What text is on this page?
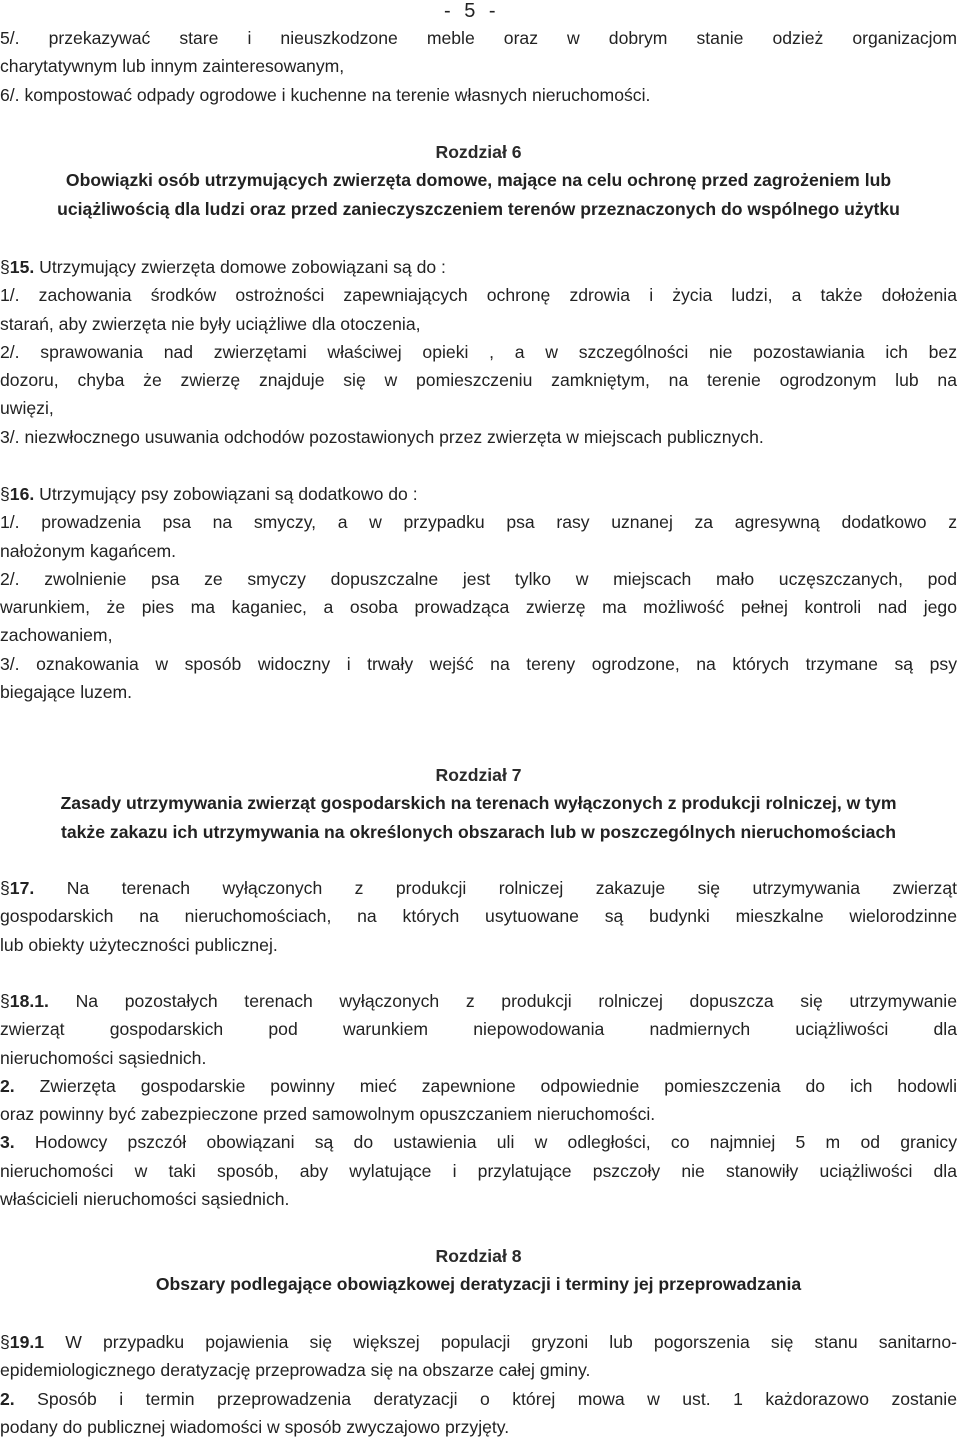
- 5 -
5/. przekazywać stare i nieuszkodzone meble oraz w dobrym stanie odzież organizacjom
charytatywnym lub innym zainteresowanym,
6/. kompostować odpady ogrodowe i kuchenne na terenie własnych nieruchomości.
Rozdział 6
Obowiązki osób utrzymujących zwierzęta domowe, mające na celu ochronę przed zagrożeniem lub
uciążliwością dla ludzi oraz przed zanieczyszczeniem terenów przeznaczonych do wspólnego użytku
§15. Utrzymujący zwierzęta domowe zobowiązani są do :
1/. zachowania środków ostrożności zapewniających ochronę zdrowia i życia ludzi, a także dołożenia
starań, aby zwierzęta nie były uciążliwe dla otoczenia,
2/. sprawowania nad zwierzętami właściwej opieki , a w szczególności nie pozostawiania ich bez
dozoru, chyba że zwierzę znajduje się w pomieszczeniu zamkniętym, na terenie ogrodzonym lub na
uwięzi,
3/. niezwłocznego usuwania odchodów pozostawionych przez zwierzęta w miejscach publicznych.
§16. Utrzymujący psy zobowiązani są dodatkowo do :
1/. prowadzenia psa na smyczy, a w przypadku psa rasy uznanej za agresywną dodatkowo z
nałożonym kagańcem.
2/. zwolnienie psa ze smyczy dopuszczalne jest tylko w miejscach mało uczęszczanych, pod
warunkiem, że pies ma kaganiec, a osoba prowadząca zwierzę ma możliwość pełnej kontroli nad jego
zachowaniem,
3/. oznakowania w sposób widoczny i trwały wejść na tereny ogrodzone, na których trzymane są psy
biegające luzem.
Rozdział 7
Zasady utrzymywania zwierząt gospodarskich na terenach wyłączonych z produkcji rolniczej, w tym
także zakazu ich utrzymywania na określonych obszarach lub w poszczególnych nieruchomościach
§17. Na terenach wyłączonych z produkcji rolniczej zakazuje się utrzymywania zwierząt
gospodarskich na nieruchomościach, na których usytuowane są budynki mieszkalne wielorodzinne
lub obiekty użyteczności publicznej.
§18.1. Na pozostałych terenach wyłączonych z produkcji rolniczej dopuszcza się utrzymywanie
zwierząt gospodarskich pod warunkiem niepowodowania nadmiernych uciążliwości dla
nieruchomości sąsiednich.
2. Zwierzęta gospodarskie powinny mieć zapewnione odpowiednie pomieszczenia do ich hodowli
oraz powinny być zabezpieczone przed samowolnym opuszczaniem nieruchomości.
3. Hodowcy pszczół obowiązani są do ustawienia uli w odległości, co najmniej 5 m od granicy
nieruchomości w taki sposób, aby wylatujące i przylatujące pszczoły nie stanowiły uciążliwości dla
właścicieli nieruchomości sąsiednich.
Rozdział 8
Obszary podlegające obowiązkowej deratyzacji i terminy jej przeprowadzania
§19.1 W przypadku pojawienia się większej populacji gryzoni lub pogorszenia się stanu sanitarno-
epidemiologicznego deratyzację przeprowadza się na obszarze całej gminy.
2. Sposób i termin przeprowadzenia deratyzacji o której mowa w ust. 1 każdorazowo zostanie
podany do publicznej wiadomości w sposób zwyczajowo przyjęty.
